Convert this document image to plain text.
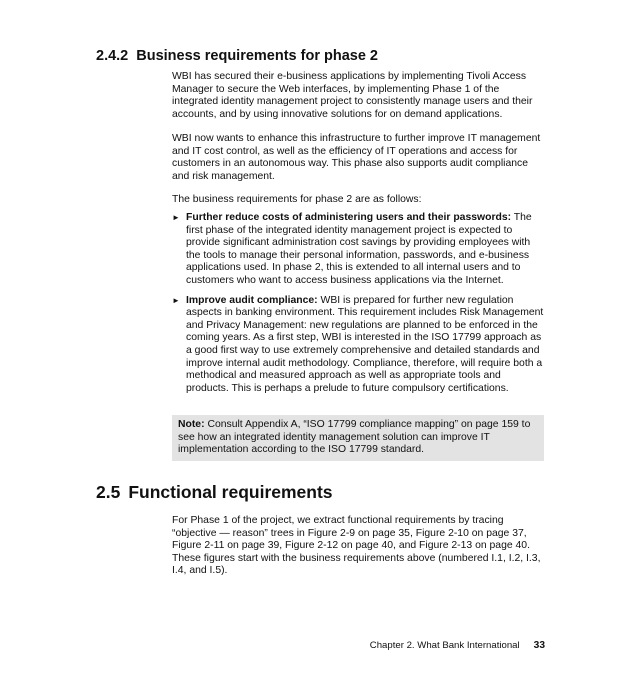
2.4.2 Business requirements for phase 2

WBI has secured their e-business applications by implementing Tivoli Access Manager to secure the Web interfaces, by implementing Phase 1 of the integrated identity management project to consistently manage users and their accounts, and by using innovative solutions for on demand applications.

WBI now wants to enhance this infrastructure to further improve IT management and IT cost control, as well as the efficiency of IT operations and access for customers in an autonomous way. This phase also supports audit compliance and risk management.

The business requirements for phase 2 are as follows:

► Further reduce costs of administering users and their passwords: The first phase of the integrated identity management project is expected to provide significant administration cost savings by providing employees with the tools to manage their personal information, passwords, and e-business applications used. In phase 2, this is extended to all internal users and to customers who want to access business applications via the Internet.
► Improve audit compliance: WBI is prepared for further new regulation aspects in banking environment. This requirement includes Risk Management and Privacy Management: new regulations are planned to be enforced in the coming years. As a first step, WBI is interested in the ISO 17799 approach as a good first way to use extremely comprehensive and detailed standards and improve internal audit methodology. Compliance, therefore, will require both a methodical and measured approach as well as appropriate tools and products. This is perhaps a prelude to future compulsory certifications.
Note: Consult Appendix A, “ISO 17799 compliance mapping” on page 159 to see how an integrated identity management solution can improve IT implementation according to the ISO 17799 standard.
2.5 Functional requirements

For Phase 1 of the project, we extract functional requirements by tracing “objective — reason” trees in Figure 2-9 on page 35, Figure 2-10 on page 37, Figure 2-11 on page 39, Figure 2-12 on page 40, and Figure 2-13 on page 40. These figures start with the business requirements above (numbered I.1, I.2, I.3, I.4, and I.5).

Chapter 2. What Bank International 33
